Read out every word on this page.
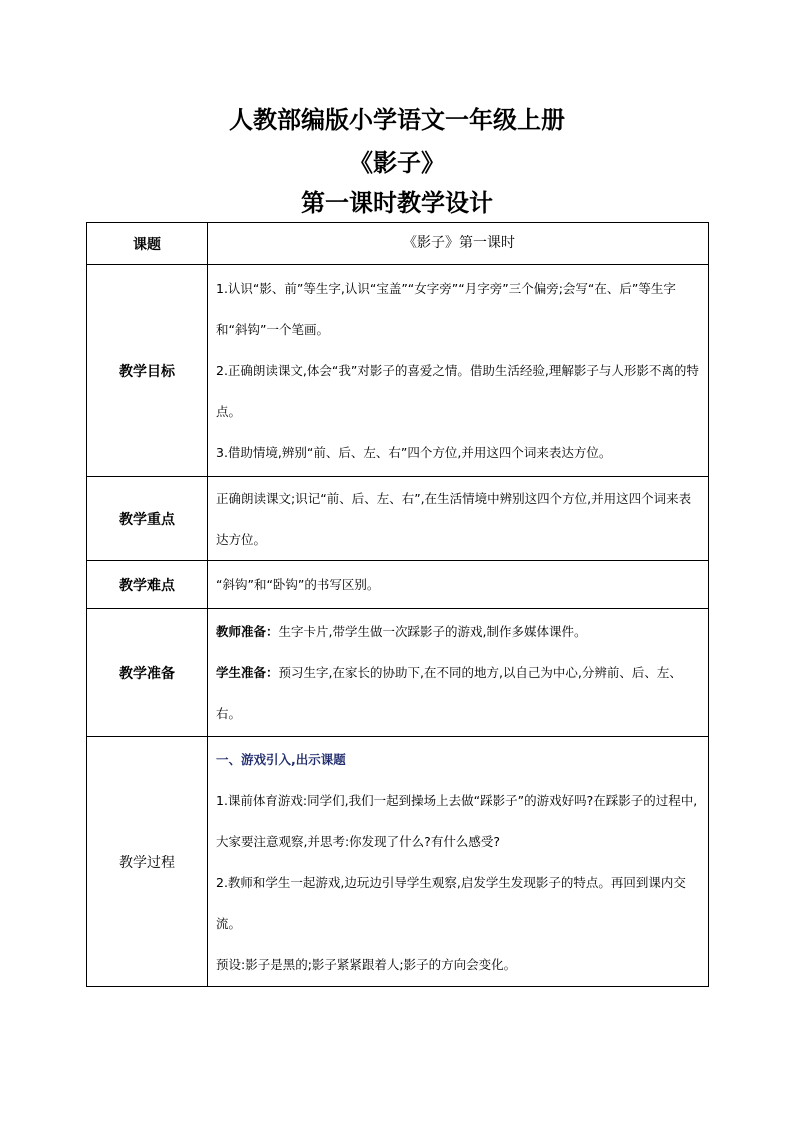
人教部编版小学语文一年级上册
《影子》
第一课时教学设计
课题	《影子》第一课时
教学目标	1.认识“影、前”等生字,认识“宝盖”“女字旁”“月字旁”三个偏旁;会写“在、后”等生字和“斜钩”一个笔画。
2.正确朗读课文,体会“我”对影子的喜爱之情。借助生活经验,理解影子与人形影不离的特点。
3.借助情境,辨别“前、后、左、右”四个方位,并用这四个词来表达方位。

教学重点	正确朗读课文;识记“前、后、左、右”,在生活情境中辨别这四个方位,并用这四个词来表达方位。
教学难点	“斜钩”和“卧钩”的书写区别。
教学准备	教师准备：生字卡片,带学生做一次踩影子的游戏,制作多媒体课件。
学生准备：预习生字,在家长的协助下,在不同的地方,以自己为中心,分辨前、后、左、右。

教学过程	一、游戏引入,出示课题
1.课前体育游戏:同学们,我们一起到操场上去做“踩影子”的游戏好吗?在踩影子的过程中,大家要注意观察,并思考:你发现了什么?有什么感受?
2.教师和学生一起游戏,边玩边引导学生观察,启发学生发现影子的特点。再回到课内交流。
预设:影子是黑的;影子紧紧跟着人;影子的方向会变化。
